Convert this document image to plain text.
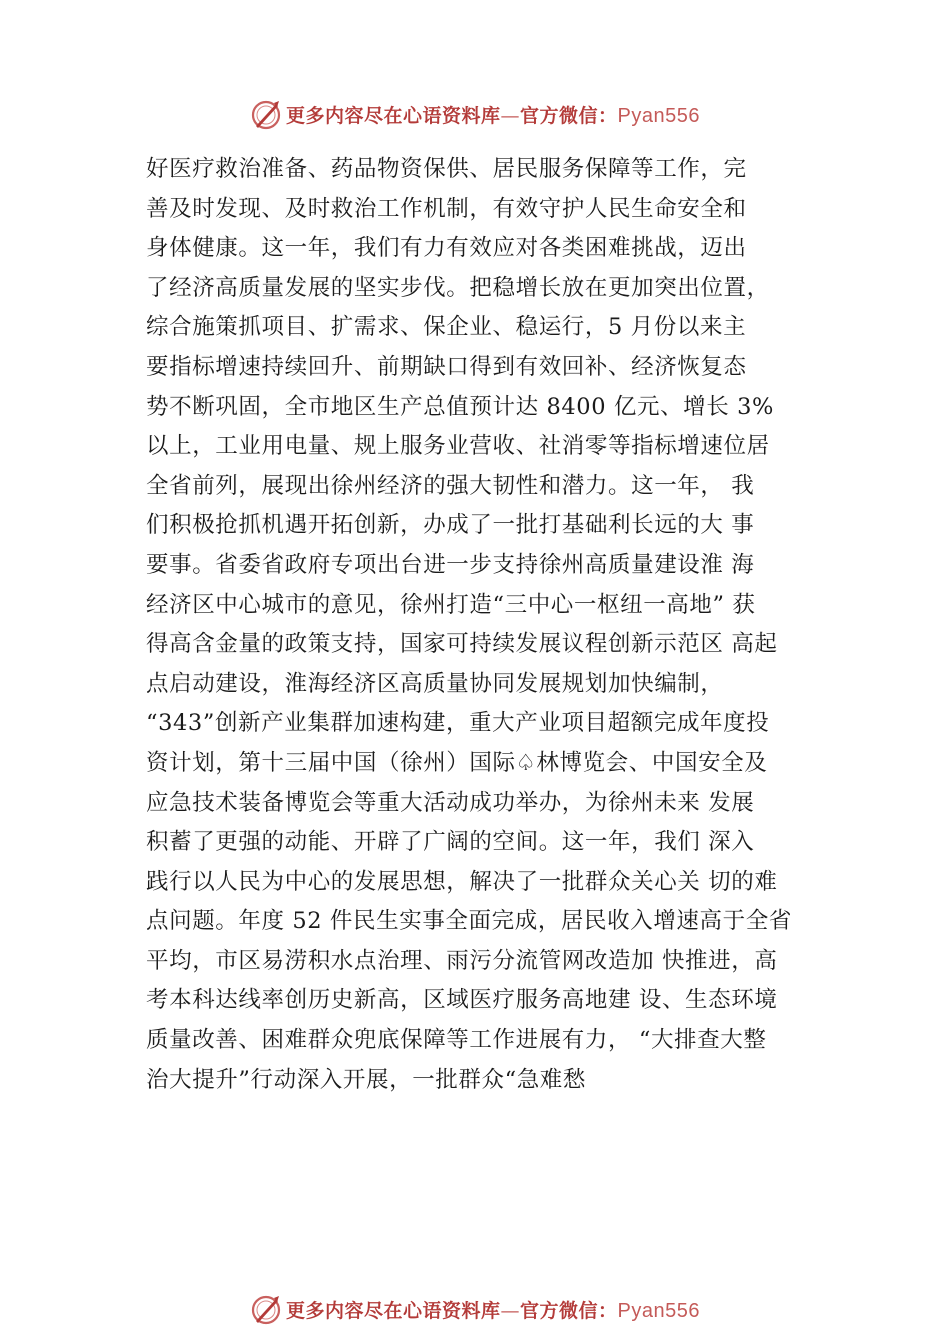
更多内容尽在心语资料库—官方微信：Pyan556
好医疗救治准备、药品物资保供、居民服务保障等工作，完
善及时发现、及时救治工作机制，有效守护人民生命安全和
身体健康。这一年，我们有力有效应对各类困难挑战，迈出
了经济高质量发展的坚实步伐。把稳增长放在更加突出位置，
综合施策抓项目、扩需求、保企业、稳运行，5 月份以来主
要指标增速持续回升、前期缺口得到有效回补、经济恢复态
势不断巩固，全市地区生产总值预计达 8400 亿元、增长 3%
以上，工业用电量、规上服务业营收、社消零等指标增速位居
全省前列，展现出徐州经济的强大韧性和潜力。这一年， 我
们积极抢抓机遇开拓创新，办成了一批打基础利长远的大 事
要事。省委省政府专项出台进一步支持徐州高质量建设淮 海
经济区中心城市的意见，徐州打造“三中心一枢纽一高地” 获
得高含金量的政策支持，国家可持续发展议程创新示范区 高起
点启动建设，淮海经济区高质量协同发展规划加快编制，
“343”创新产业集群加速构建，重大产业项目超额完成年度投
资计划，第十三届中国（徐州）国际♤林博览会、中国安全及
应急技术装备博览会等重大活动成功举办，为徐州未来 发展
积蓄了更强的动能、开辟了广阔的空间。这一年，我们 深入
践行以人民为中心的发展思想，解决了一批群众关心关 切的难
点问题。年度 52 件民生实事全面完成，居民收入增速高于全省
平均，市区易涝积水点治理、雨污分流管网改造加 快推进，高
考本科达线率创历史新高，区域医疗服务高地建 设、生态环境
质量改善、困难群众兜底保障等工作进展有力， “大排查大整
治大提升”行动深入开展，一批群众“急难愁
更多内容尽在心语资料库—官方微信：Pyan556
